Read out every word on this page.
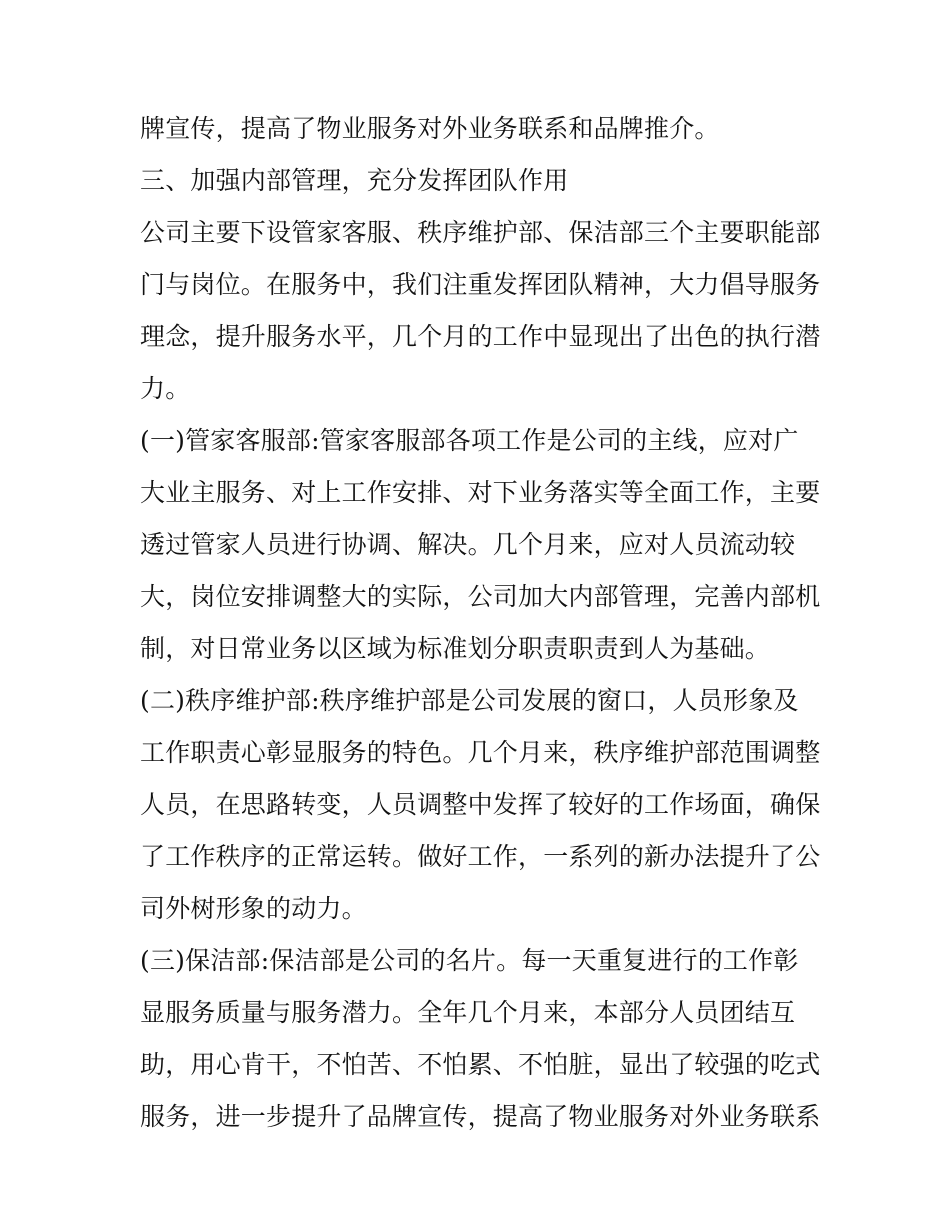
牌宣传，提高了物业服务对外业务联系和品牌推介。
三、加强内部管理，充分发挥团队作用
公司主要下设管家客服、秩序维护部、保洁部三个主要职能部
门与岗位。在服务中，我们注重发挥团队精神，大力倡导服务
理念，提升服务水平，几个月的工作中显现出了出色的执行潜
力。
(一)管家客服部:管家客服部各项工作是公司的主线，应对广
大业主服务、对上工作安排、对下业务落实等全面工作，主要
透过管家人员进行协调、解决。几个月来，应对人员流动较
大，岗位安排调整大的实际，公司加大内部管理，完善内部机
制，对日常业务以区域为标准划分职责职责到人为基础。
(二)秩序维护部:秩序维护部是公司发展的窗口，人员形象及
工作职责心彰显服务的特色。几个月来，秩序维护部范围调整
人员，在思路转变，人员调整中发挥了较好的工作场面，确保
了工作秩序的正常运转。做好工作，一系列的新办法提升了公
司外树形象的动力。
(三)保洁部:保洁部是公司的名片。每一天重复进行的工作彰
显服务质量与服务潜力。全年几个月来，本部分人员团结互
助，用心肯干，不怕苦、不怕累、不怕脏，显出了较强的吃式
服务，进一步提升了品牌宣传，提高了物业服务对外业务联系
